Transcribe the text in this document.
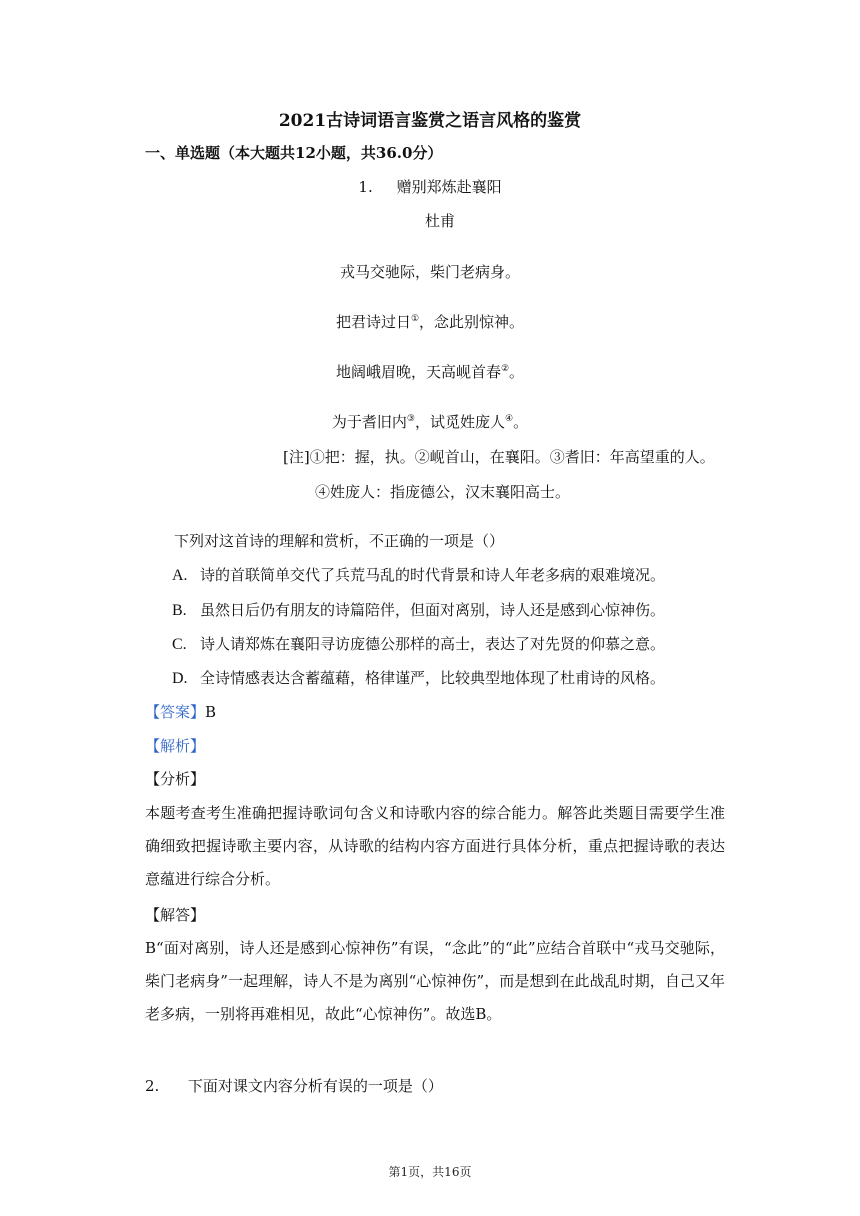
2021古诗词语言鉴赏之语言风格的鉴赏
一、单选题（本大题共12小题，共36.0分）
1. 赠别郑炼赴襄阳
杜甫
戎马交驰际，柴门老病身。
把君诗过日①，念此别惊神。
地阔峨眉晚，天高岘首春②。
为于耆旧内③，试觅姓庞人④。
[注]①把：握，执。②岘首山，在襄阳。③耆旧：年高望重的人。
④姓庞人：指庞德公，汉末襄阳高士。
下列对这首诗的理解和赏析，不正确的一项是（）
A. 诗的首联简单交代了兵荒马乱的时代背景和诗人年老多病的艰难境况。
B. 虽然日后仍有朋友的诗篇陪伴，但面对离别，诗人还是感到心惊神伤。
C. 诗人请郑炼在襄阳寻访庞德公那样的高士，表达了对先贤的仰慕之意。
D. 全诗情感表达含蓄蕴藉，格律谨严，比较典型地体现了杜甫诗的风格。
【答案】B
【解析】
【分析】
本题考查考生准确把握诗歌词句含义和诗歌内容的综合能力。解答此类题目需要学生准确细致把握诗歌主要内容，从诗歌的结构内容方面进行具体分析，重点把握诗歌的表达意蕴进行综合分析。
【解答】
B“面对离别，诗人还是感到心惊神伤”有误，“念此”的“此”应结合首联中“戎马交驰际，柴门老病身”一起理解，诗人不是为离别“心惊神伤”，而是想到在此战乱时期，自己又年老多病，一别将再难相见，故此“心惊神伤”。故选B。
2. 下面对课文内容分析有误的一项是（）
第1页，共16页
